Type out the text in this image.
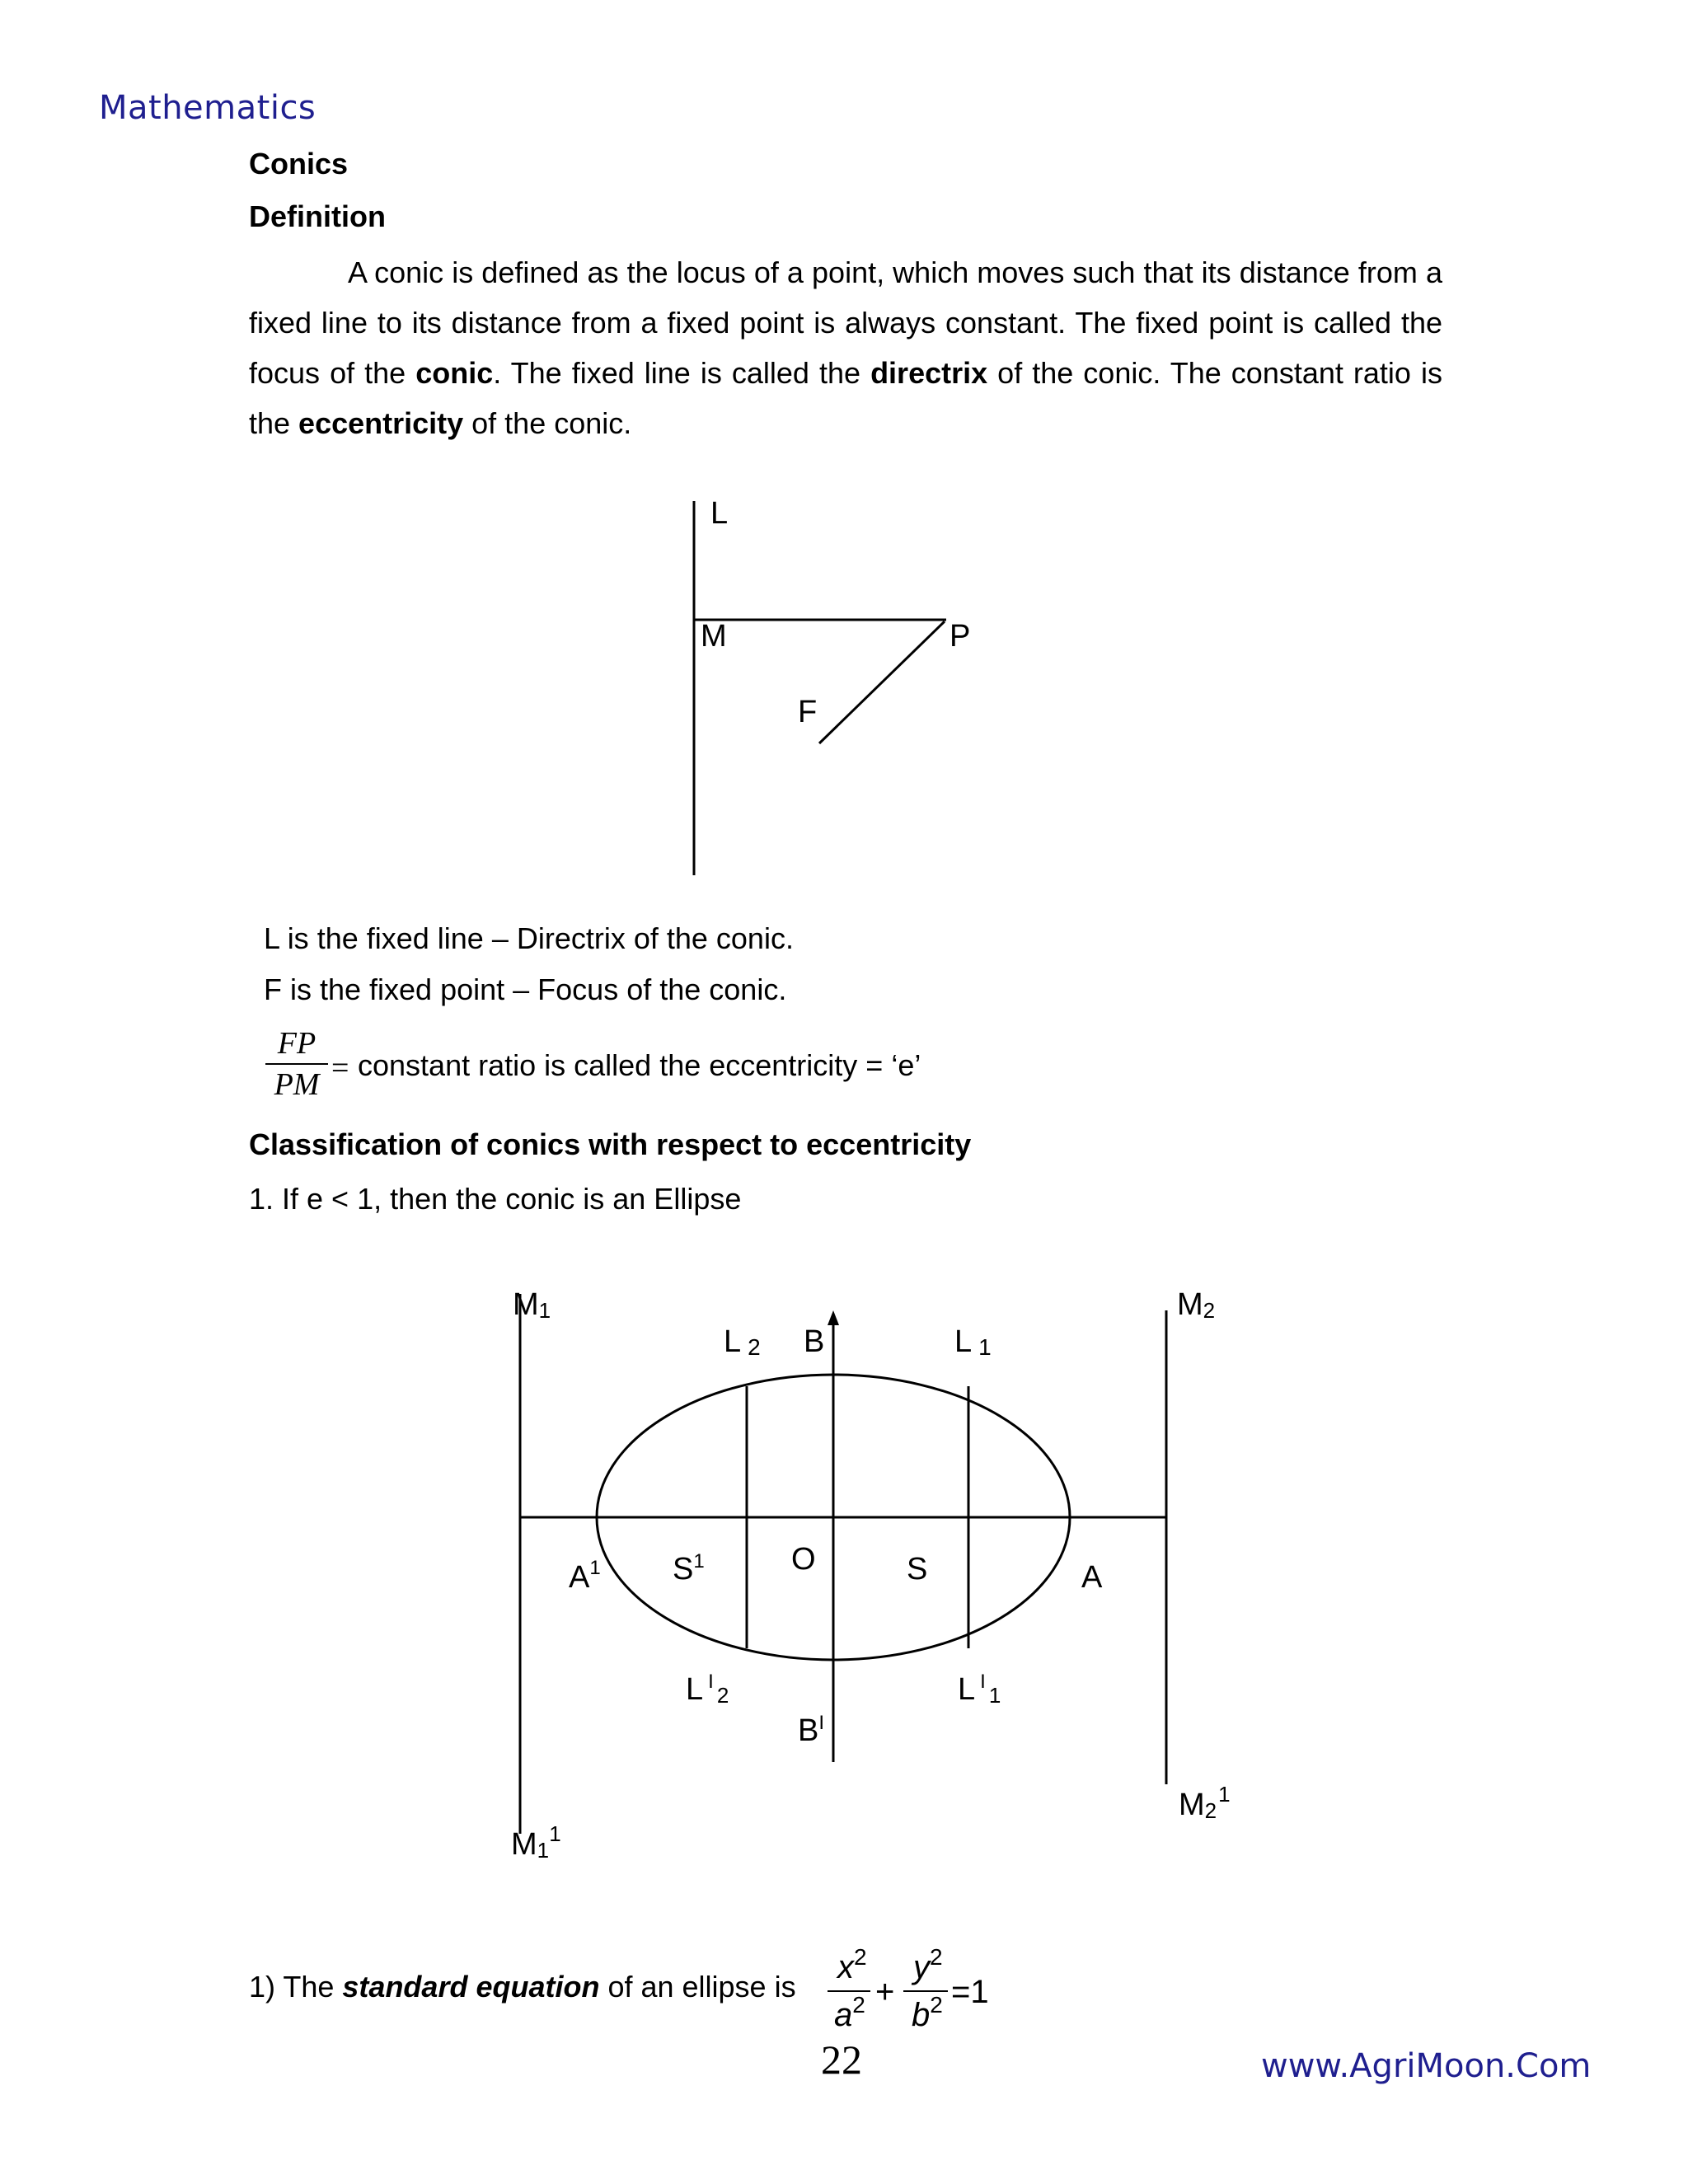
Mathematics
Conics
Definition

A conic is defined as the locus of a point, which moves such that its distance from a fixed line to its distance from a fixed point is always constant. The fixed point is called the focus of the conic. The fixed line is called the directrix of the conic. The constant ratio is the eccentricity of the conic.

L
M	P
F
L is the fixed line – Directrix of the conic.
F is the fixed point – Focus of the conic.
FP
PM = constant ratio is called the eccentricity = ‘e’
Classification of conics with respect to eccentricity
1. If e < 1, then the conic is an Ellipse
M1	M2
L 2 B	L 1
$A^1$ $S^1$	O	S	A
L $^I_2$	L $^I_1$
$B^I$
$M1^1$
$M2^1$
1) The standard equation of an ellipse is
$x^2$
$a^2$ +
$y^2$
$b^2 =1$
22	www.AgriMoon.Com
